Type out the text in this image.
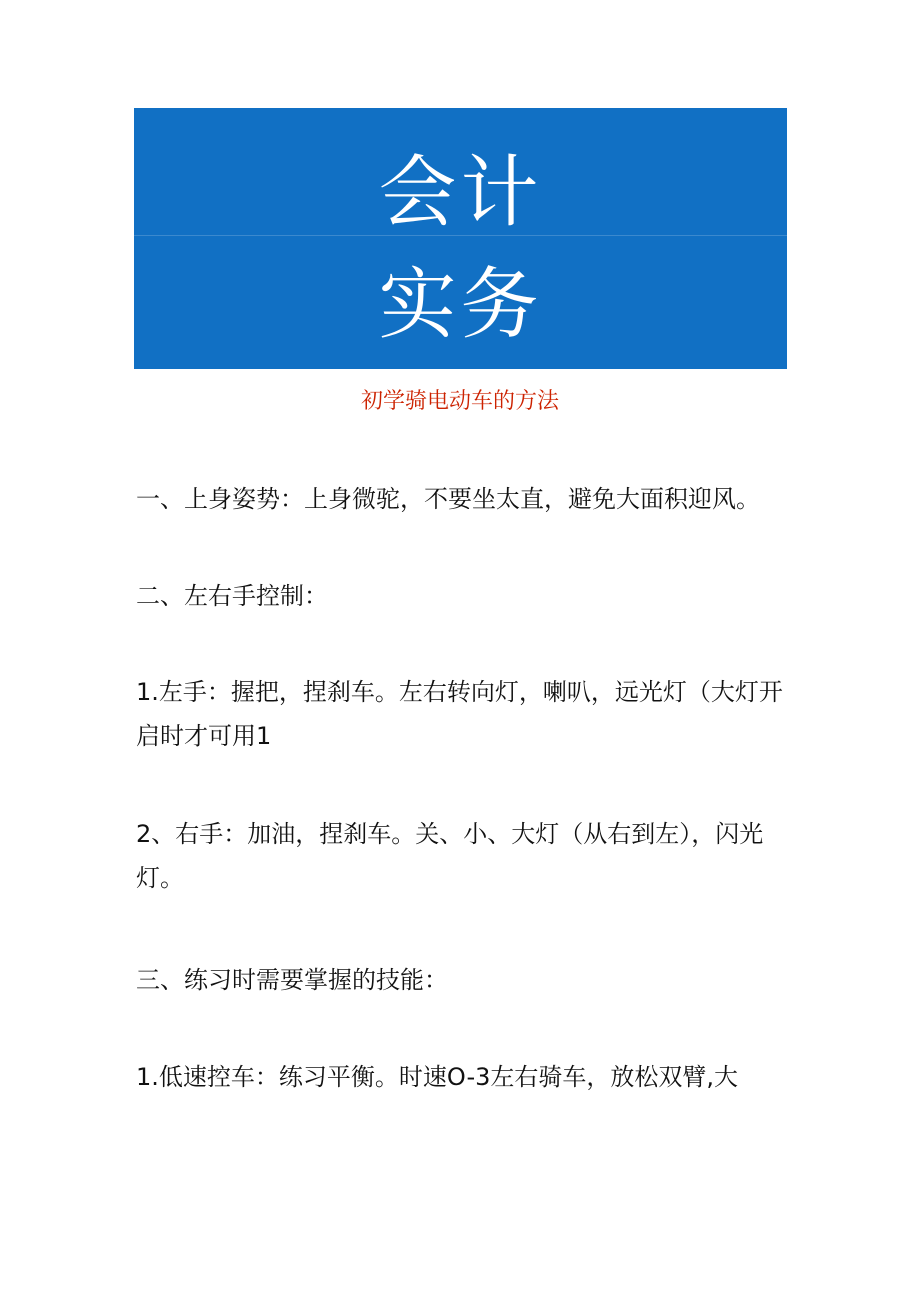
会计
实务
初学骑电动车的方法

一、上身姿势：上身微驼，不要坐太直，避免大面积迎风。

二、左右手控制：

1.左手：握把，捏刹车。左右转向灯，喇叭，远光灯（大灯开启时才可用1

2、右手：加油，捏刹车。关、小、大灯（从右到左），闪光灯。

三、练习时需要掌握的技能：

1.低速控车：练习平衡。时速O-3左右骑车，放松双臂,大
